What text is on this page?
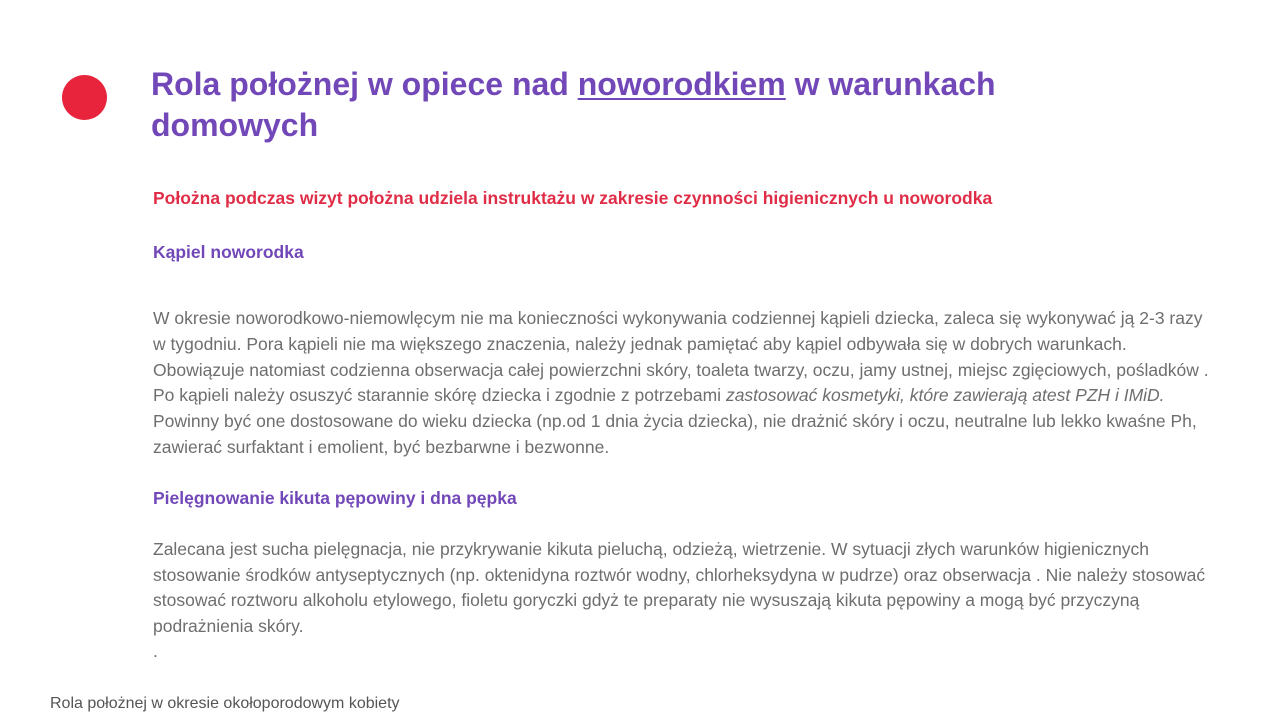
Rola położnej w opiece nad noworodkiem w warunkach domowych

Położna podczas wizyt położna udziela instruktażu w zakresie czynności higienicznych u noworodka

Kąpiel noworodka

W okresie noworodkowo-niemowlęcym nie ma konieczności wykonywania codziennej kąpieli dziecka, zaleca się wykonywać ją 2-3 razy w tygodniu. Pora kąpieli nie ma większego znaczenia, należy jednak pamiętać aby kąpiel odbywała się w dobrych warunkach. Obowiązuje natomiast codzienna obserwacja całej powierzchni skóry, toaleta twarzy, oczu, jamy ustnej, miejsc zgięciowych, pośladków . Po kąpieli należy osuszyć starannie skórę dziecka i zgodnie z potrzebami zastosować kosmetyki, które zawierają atest PZH i IMiD. Powinny być one dostosowane do wieku dziecka (np.od 1 dnia życia dziecka), nie drażnić skóry i oczu, neutralne lub lekko kwaśne Ph, zawierać surfaktant i emolient, być bezbarwne i bezwonne.

Pielęgnowanie kikuta pępowiny i dna pępka

Zalecana jest sucha pielęgnacja, nie przykrywanie kikuta pieluchą, odzieżą, wietrzenie. W sytuacji złych warunków higienicznych stosowanie środków antyseptycznych (np. oktenidyna roztwór wodny, chlorheksydyna w pudrze) oraz obserwacja . Nie należy stosować stosować roztworu alkoholu etylowego, fioletu goryczki gdyż te preparaty nie wysuszają kikuta pępowiny a mogą być przyczyną podrażnienia skóry.

.

Rola położnej w okresie okołoporodowym kobiety
